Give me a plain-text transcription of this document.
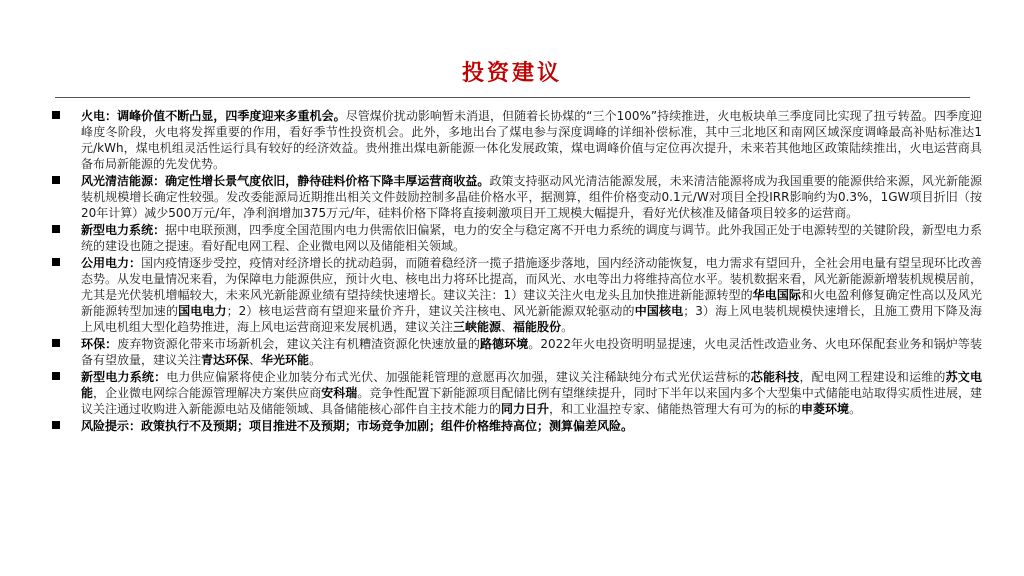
投资建议
火电：调峰价值不断凸显，四季度迎来多重机会。尽管煤价扰动影响暂未消退，但随着长协煤的“三个100%”持续推进，火电板块单三季度同比实现了扭亏转盈。四季度迎峰度冬阶段，火电将发挥重要的作用，看好季节性投资机会。此外，多地出台了煤电参与深度调峰的详细补偿标准，其中三北地区和南网区域深度调峰最高补贴标准达1元/kWh，煤电机组灵活性运行具有较好的经济效益。贵州推出煤电新能源一体化发展政策，煤电调峰价值与定位再次提升，未来若其他地区政策陆续推出，火电运营商具备布局新能源的先发优势。
风光清洁能源：确定性增长景气度依旧，静待硅料价格下降丰厚运营商收益。政策支持驱动风光清洁能源发展，未来清洁能源将成为我国重要的能源供给来源，风光新能源装机规模增长确定性较强。发改委能源局近期推出相关文件鼓励控制多晶硅价格水平，据测算，组件价格变动0.1元/W对项目全投IRR影响约为0.3%，1GW项目折旧（按20年计算）减少500万元/年，净利润增加375万元/年，硅料价格下降将直接刺激项目开工规模大幅提升，看好光伏核准及储备项目较多的运营商。
新型电力系统：据中电联预测，四季度全国范围内电力供需依旧偏紧，电力的安全与稳定离不开电力系统的调度与调节。此外我国正处于电源转型的关键阶段，新型电力系统的建设也随之提速。看好配电网工程、企业微电网以及储能相关领域。
公用电力：国内疫情逐步受控，疫情对经济增长的扰动趋弱，而随着稳经济一揽子措施逐步落地，国内经济动能恢复，电力需求有望回升，全社会用电量有望呈现环比改善态势。从发电量情况来看，为保障电力能源供应，预计火电、核电出力将环比提高，而风光、水电等出力将维持高位水平。装机数据来看，风光新能源新增装机规模居前，尤其是光伏装机增幅较大，未来风光新能源业绩有望持续快速增长。建议关注：1）建议关注火电龙头且加快推进新能源转型的华电国际和火电盈利修复确定性高以及风光新能源转型加速的国电电力；2）核电运营商有望迎来量价齐升，建议关注核电、风光新能源双轮驱动的中国核电；3）海上风电装机规模快速增长，且施工费用下降及海上风电机组大型化趋势推进，海上风电运营商迎来发展机遇，建议关注三峡能源、福能股份。
环保：废弃物资源化带来市场新机会，建议关注有机糟渣资源化快速放量的路德环境。2022年火电投资明明显提速，火电灵活性改造业务、火电环保配套业务和锅炉等装备有望放量，建议关注青达环保、华光环能。
新型电力系统：电力供应偏紧将使企业加装分布式光伏、加强能耗管理的意愿再次加强，建议关注稀缺纯分布式光伏运营标的芯能科技，配电网工程建设和运维的苏文电能，企业微电网综合能源管理解决方案供应商安科瑞。竞争性配置下新能源项目配储比例有望继续提升，同时下半年以来国内多个大型集中式储能电站取得实质性进展，建议关注通过收购进入新能源电站及储能领域、具备储能核心部件自主技术能力的同力日升，和工业温控专家、储能热管理大有可为的标的申菱环境。
风险提示：政策执行不及预期；项目推进不及预期；市场竞争加剧；组件价格维持高位；测算偏差风险。
